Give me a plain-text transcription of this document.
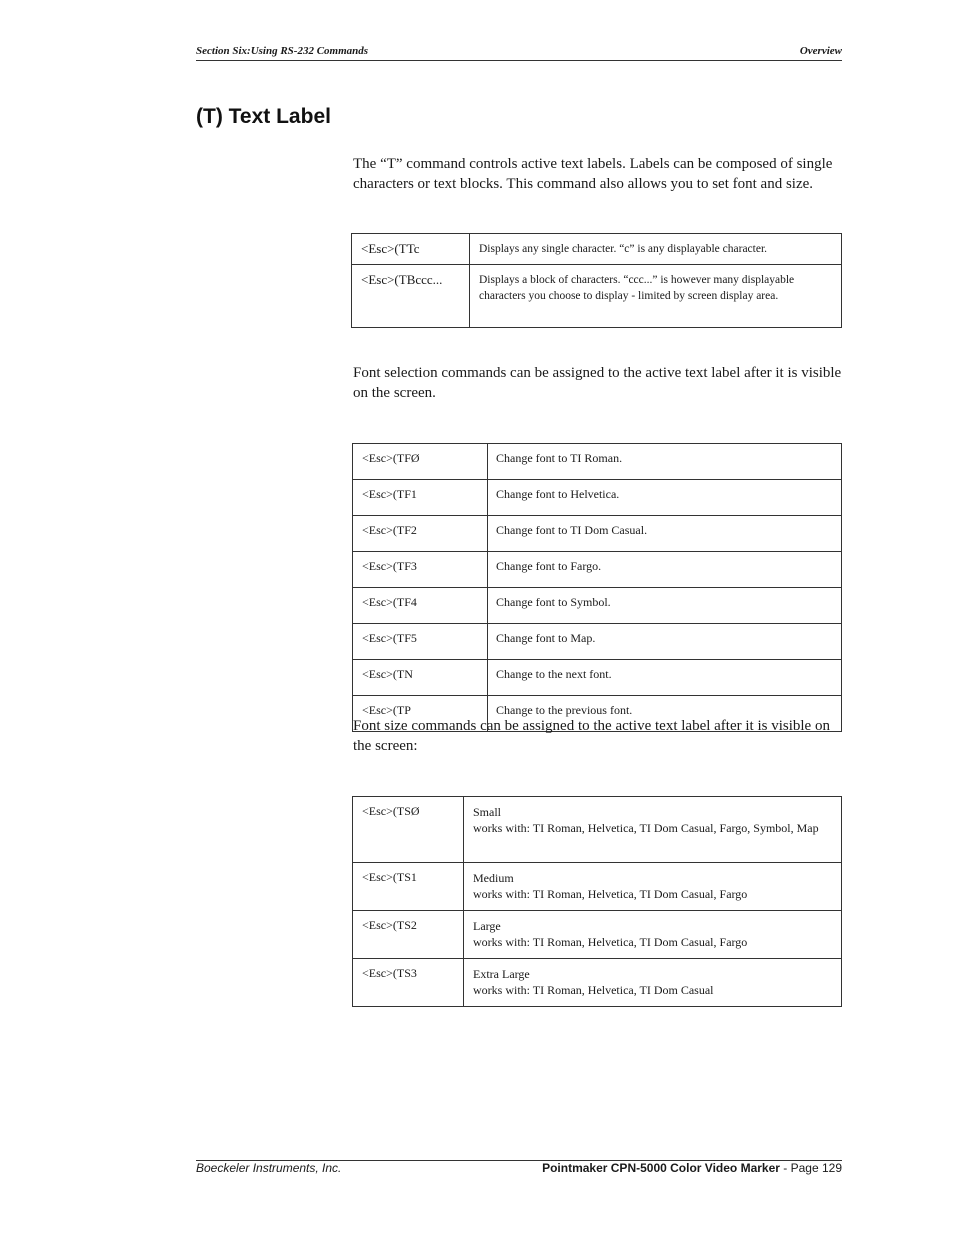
Section Six:Using RS-232 Commands	Overview
(T) Text Label

The “T” command controls active text labels. Labels can be composed of single characters or text blocks. This command also allows you to set font and size.

<Esc>(TTc	Displays any single character. “c” is any displayable character.
<Esc>(TBccc...	Displays a block of characters. “ccc...” is however many displayable characters you choose to display - limited by screen display area.

Font selection commands can be assigned to the active text label after it is visible on the screen.

<Esc>(TFØ	Change font to TI Roman.
<Esc>(TF1	Change font to Helvetica.
<Esc>(TF2	Change font to TI Dom Casual.
<Esc>(TF3	Change font to Fargo.
<Esc>(TF4	Change font to Symbol.
<Esc>(TF5	Change font to Map.
<Esc>(TN	Change to the next font.
<Esc>(TP	Change to the previous font.

Font size commands can be assigned to the active text label after it is visible on the screen:

<Esc>(TSØ	Small
works with: TI Roman, Helvetica, TI Dom Casual, Fargo, Symbol, Map

<Esc>(TS1	Medium
works with: TI Roman, Helvetica, TI Dom Casual, Fargo

<Esc>(TS2	Large
works with: TI Roman, Helvetica, TI Dom Casual, Fargo

<Esc>(TS3	Extra Large
works with: TI Roman, Helvetica, TI Dom Casual
Boeckeler Instruments, Inc.	Pointmaker CPN-5000 Color Video Marker - Page 129
